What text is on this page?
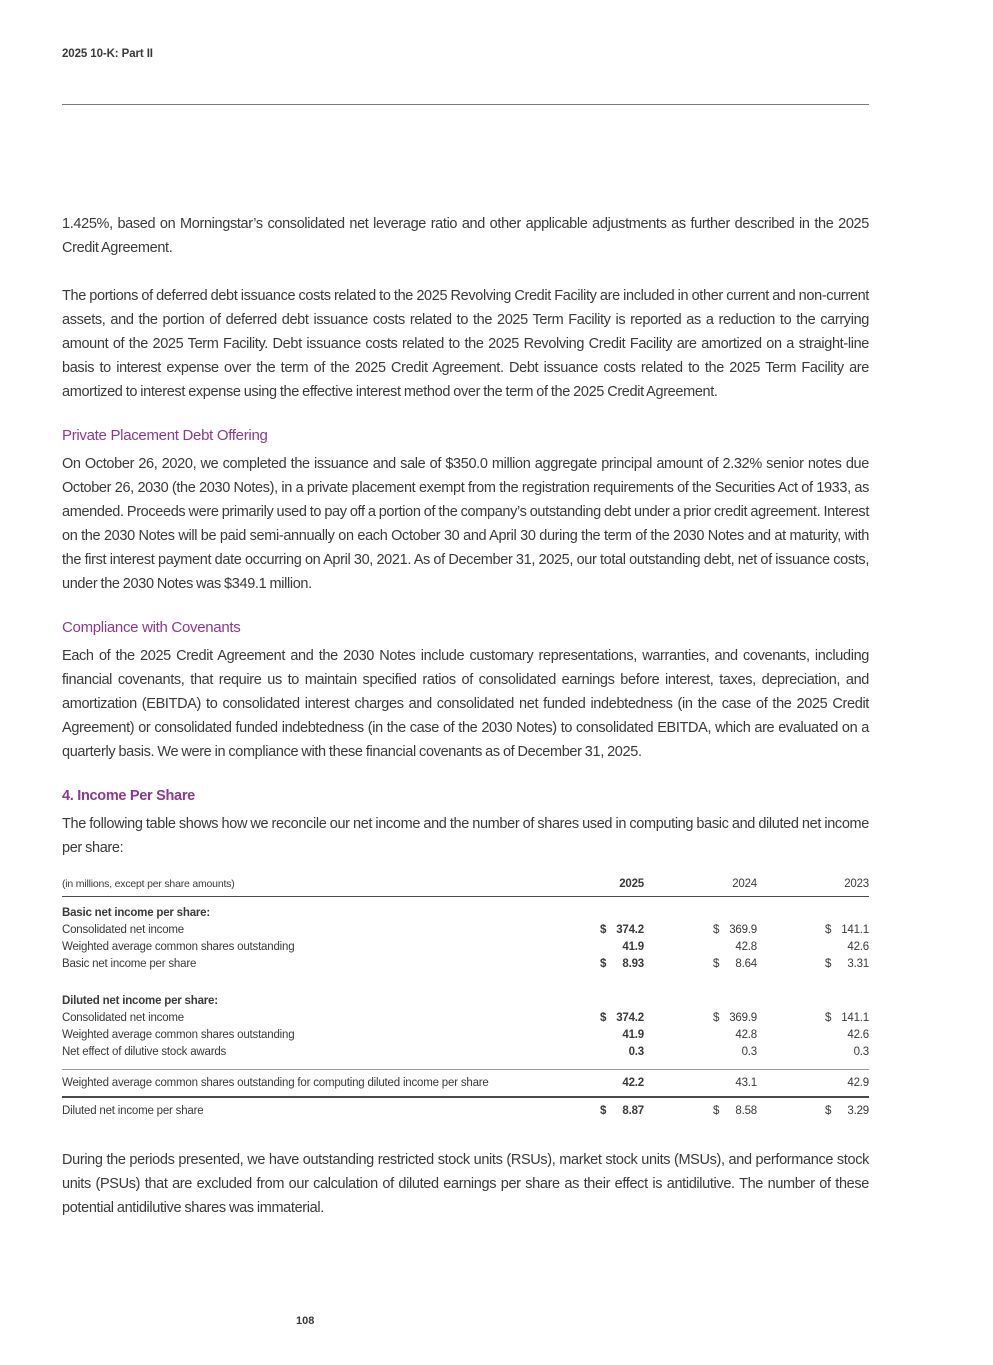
2025 10-K: Part II

1.425%, based on Morningstar’s consolidated net leverage ratio and other applicable adjustments as further described in the 2025 Credit Agreement.

The portions of deferred debt issuance costs related to the 2025 Revolving Credit Facility are included in other current and non-current assets, and the portion of deferred debt issuance costs related to the 2025 Term Facility is reported as a reduction to the carrying amount of the 2025 Term Facility. Debt issuance costs related to the 2025 Revolving Credit Facility are amortized on a straight-line basis to interest expense over the term of the 2025 Credit Agreement. Debt issuance costs related to the 2025 Term Facility are amortized to interest expense using the effective interest method over the term of the 2025 Credit Agreement.

Private Placement Debt Offering

On October 26, 2020, we completed the issuance and sale of $350.0 million aggregate principal amount of 2.32% senior notes due October 26, 2030 (the 2030 Notes), in a private placement exempt from the registration requirements of the Securities Act of 1933, as amended. Proceeds were primarily used to pay off a portion of the company’s outstanding debt under a prior credit agreement. Interest on the 2030 Notes will be paid semi-annually on each October 30 and April 30 during the term of the 2030 Notes and at maturity, with the first interest payment date occurring on April 30, 2021. As of December 31, 2025, our total outstanding debt, net of issuance costs, under the 2030 Notes was $349.1 million.

Compliance with Covenants

Each of the 2025 Credit Agreement and the 2030 Notes include customary representations, warranties, and covenants, including financial covenants, that require us to maintain specified ratios of consolidated earnings before interest, taxes, depreciation, and amortization (EBITDA) to consolidated interest charges and consolidated net funded indebtedness (in the case of the 2025 Credit Agreement) or consolidated funded indebtedness (in the case of the 2030 Notes) to consolidated EBITDA, which are evaluated on a quarterly basis. We were in compliance with these financial covenants as of December 31, 2025.

4. Income Per Share

The following table shows how we reconcile our net income and the number of shares used in computing basic and diluted net income per share:

(in millions, except per share amounts)	2025	2024	2023

Basic net income per share:			
Consolidated net income	$ 374.2	$ 369.9	$ 141.1

Weighted average common shares outstanding	41.9	42.8	42.6
Basic net income per share	$ 8.93	$ 8.64	$ 3.31

Diluted net income per share:			
Consolidated net income	$ 374.2	$ 369.9	$ 141.1

Weighted average common shares outstanding	41.9	42.8	42.6
Net effect of dilutive stock awards	0.3	0.3	0.3

Weighted average common shares outstanding for computing diluted income per share	42.2	43.1	42.9
Diluted net income per share	$ 8.87	$ 8.58	$ 3.29

During the periods presented, we have outstanding restricted stock units (RSUs), market stock units (MSUs), and performance stock units (PSUs) that are excluded from our calculation of diluted earnings per share as their effect is antidilutive. The number of these potential antidilutive shares was immaterial.

108
